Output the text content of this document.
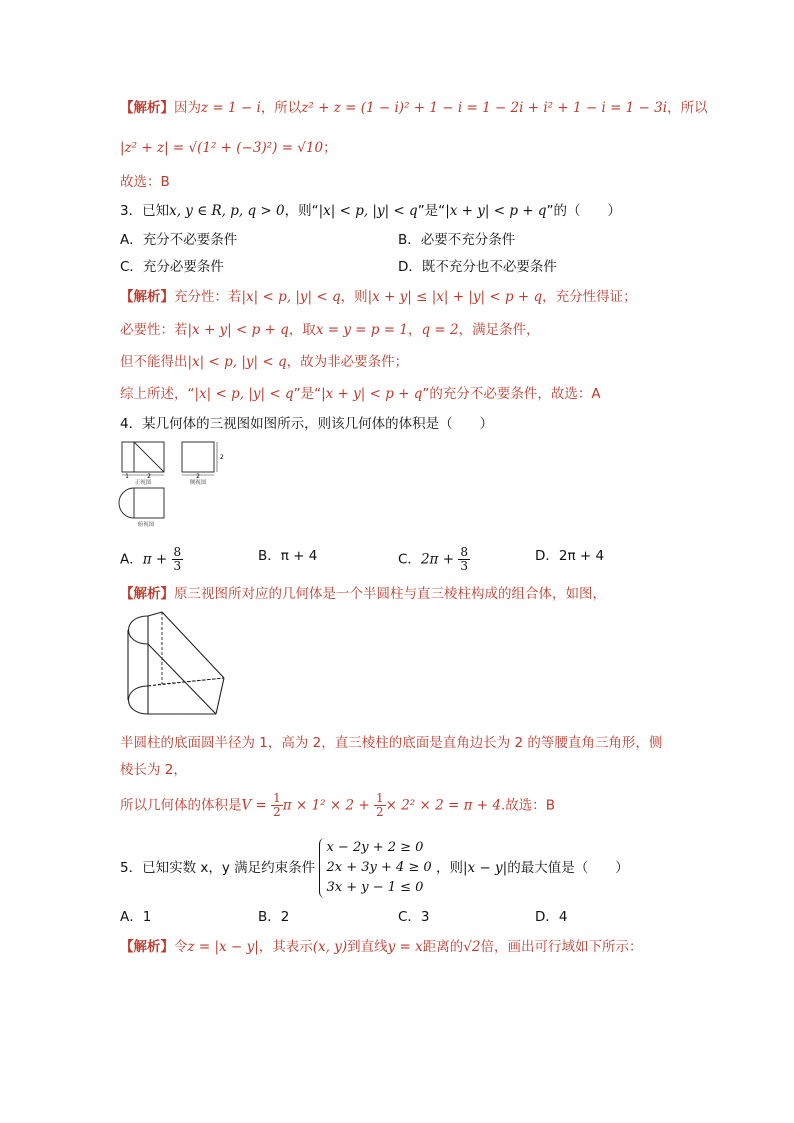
【解析】因为z = 1 − i，所以z² + z = (1 − i)² + 1 − i = 1 − 2i + i² + 1 − i = 1 − 3i，所以
|z² + z| = √(1² + (−3)²) = √10；
故选：B
3．已知x, y ∈ R, p, q > 0，则“|x| < p, |y| < q”是“|x + y| < p + q”的（　　）
A．充分不必要条件	B．必要不充分条件
C．充分必要条件	D．既不充分也不必要条件
【解析】充分性：若|x| < p, |y| < q，则|x + y| ≤ |x| + |y| < p + q，充分性得证；
必要性：若|x + y| < p + q，取x = y = p = 1，q = 2，满足条件，
但不能得出|x| < p, |y| < q，故为非必要条件；
综上所述，“|x| < p, |y| < q”是“|x + y| < p + q”的充分不必要条件，故选：A
4．某几何体的三视图如图所示，则该几何体的体积是（　　）
1	2
正视图
2
2
侧视图
俯视图
A．$\pi + \frac{8}{3}$	B．π + 4	C．$2\pi + \frac{8}{3}$	D．2π + 4
【解析】原三视图所对应的几何体是一个半圆柱与直三棱柱构成的组合体，如图，
半圆柱的底面圆半径为 1，高为 2，直三棱柱的底面是直角边长为 2 的等腰直角三角形，侧
棱长为 2，
所以几何体的体积是$V = \frac{1}{2}$ $\pi \times 1^2 \times 2 + \frac{1}{2} \times 2^2 \times 2 = \pi + 4$.故选：B
5．已知实数 x，y 满足约束条件
x − 2y + 2 ≥ 0
2x + 3y + 4 ≥ 0
3x + y − 1 ≤ 0
，则|x − y|的最大值是（　　）
A．1	B．2	C．3	D．4
【解析】令z = |x − y|，其表示(x, y)到直线y = x距离的√2倍，画出可行域如下所示：
